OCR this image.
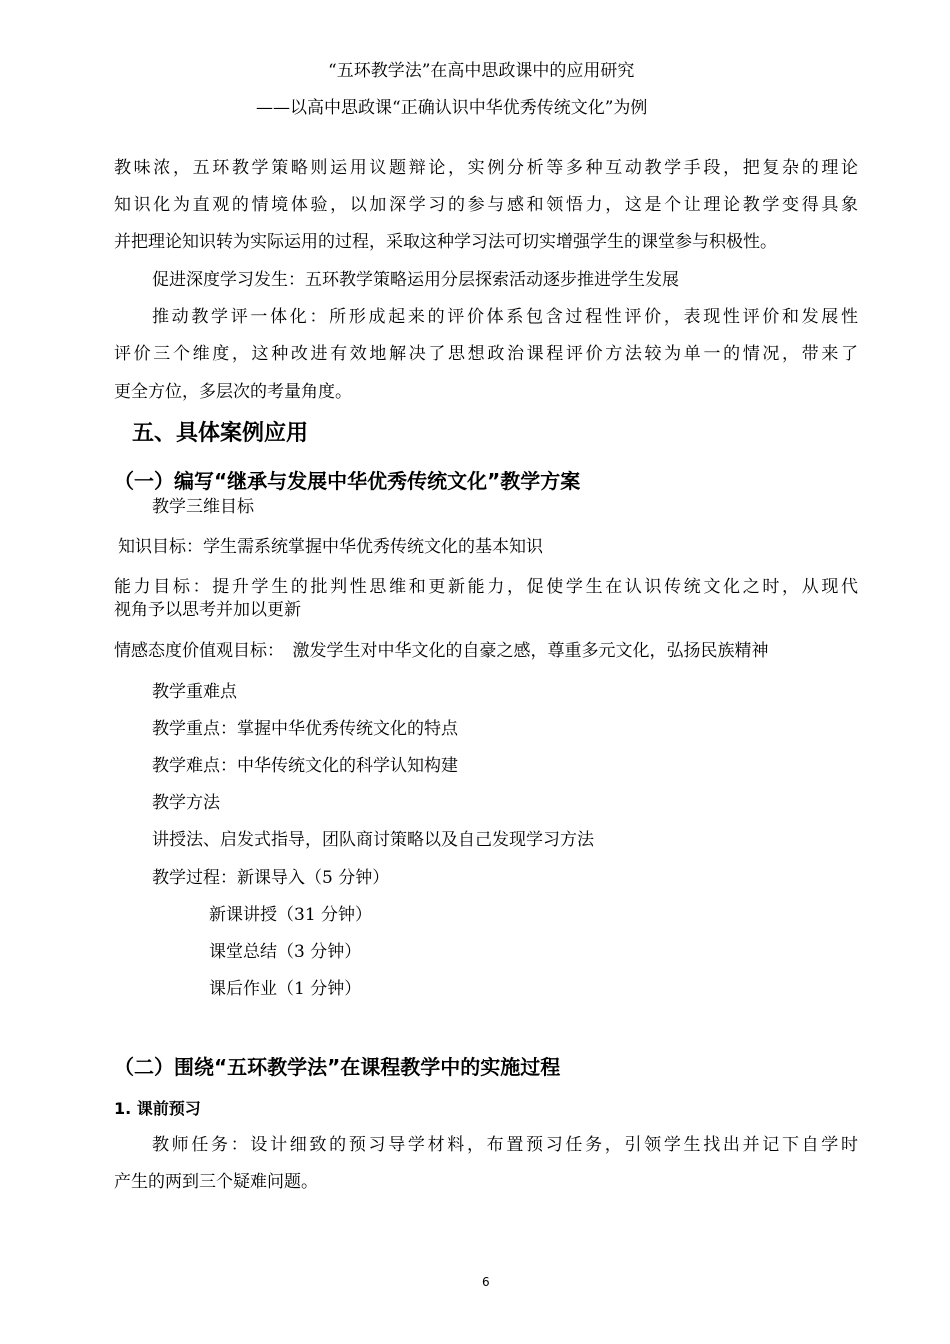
“五环教学法”在高中思政课中的应用研究
——以高中思政课“正确认识中华优秀传统文化”为例
教味浓，五环教学策略则运用议题辩论，实例分析等多种互动教学手段，把复杂的理论
知识化为直观的情境体验，以加深学习的参与感和领悟力，这是个让理论教学变得具象
并把理论知识转为实际运用的过程，采取这种学习法可切实增强学生的课堂参与积极性。
促进深度学习发生：五环教学策略运用分层探索活动逐步推进学生发展
推动教学评一体化：所形成起来的评价体系包含过程性评价，表现性评价和发展性
评价三个维度，这种改进有效地解决了思想政治课程评价方法较为单一的情况，带来了
更全方位，多层次的考量角度。
五、具体案例应用
（一）编写“继承与发展中华优秀传统文化”教学方案
教学三维目标
知识目标：学生需系统掌握中华优秀传统文化的基本知识
能力目标：提升学生的批判性思维和更新能力，促使学生在认识传统文化之时，从现代
视角予以思考并加以更新
情感态度价值观目标：　激发学生对中华文化的自豪之感，尊重多元文化，弘扬民族精神
教学重难点
教学重点：掌握中华优秀传统文化的特点
教学难点：中华传统文化的科学认知构建
教学方法
讲授法、启发式指导，团队商讨策略以及自己发现学习方法
教学过程：新课导入（5 分钟）
新课讲授（31 分钟）
课堂总结（3 分钟）
课后作业（1 分钟）
（二）围绕“五环教学法”在课程教学中的实施过程
1. 课前预习
教师任务：设计细致的预习导学材料，布置预习任务，引领学生找出并记下自学时
产生的两到三个疑难问题。
6
